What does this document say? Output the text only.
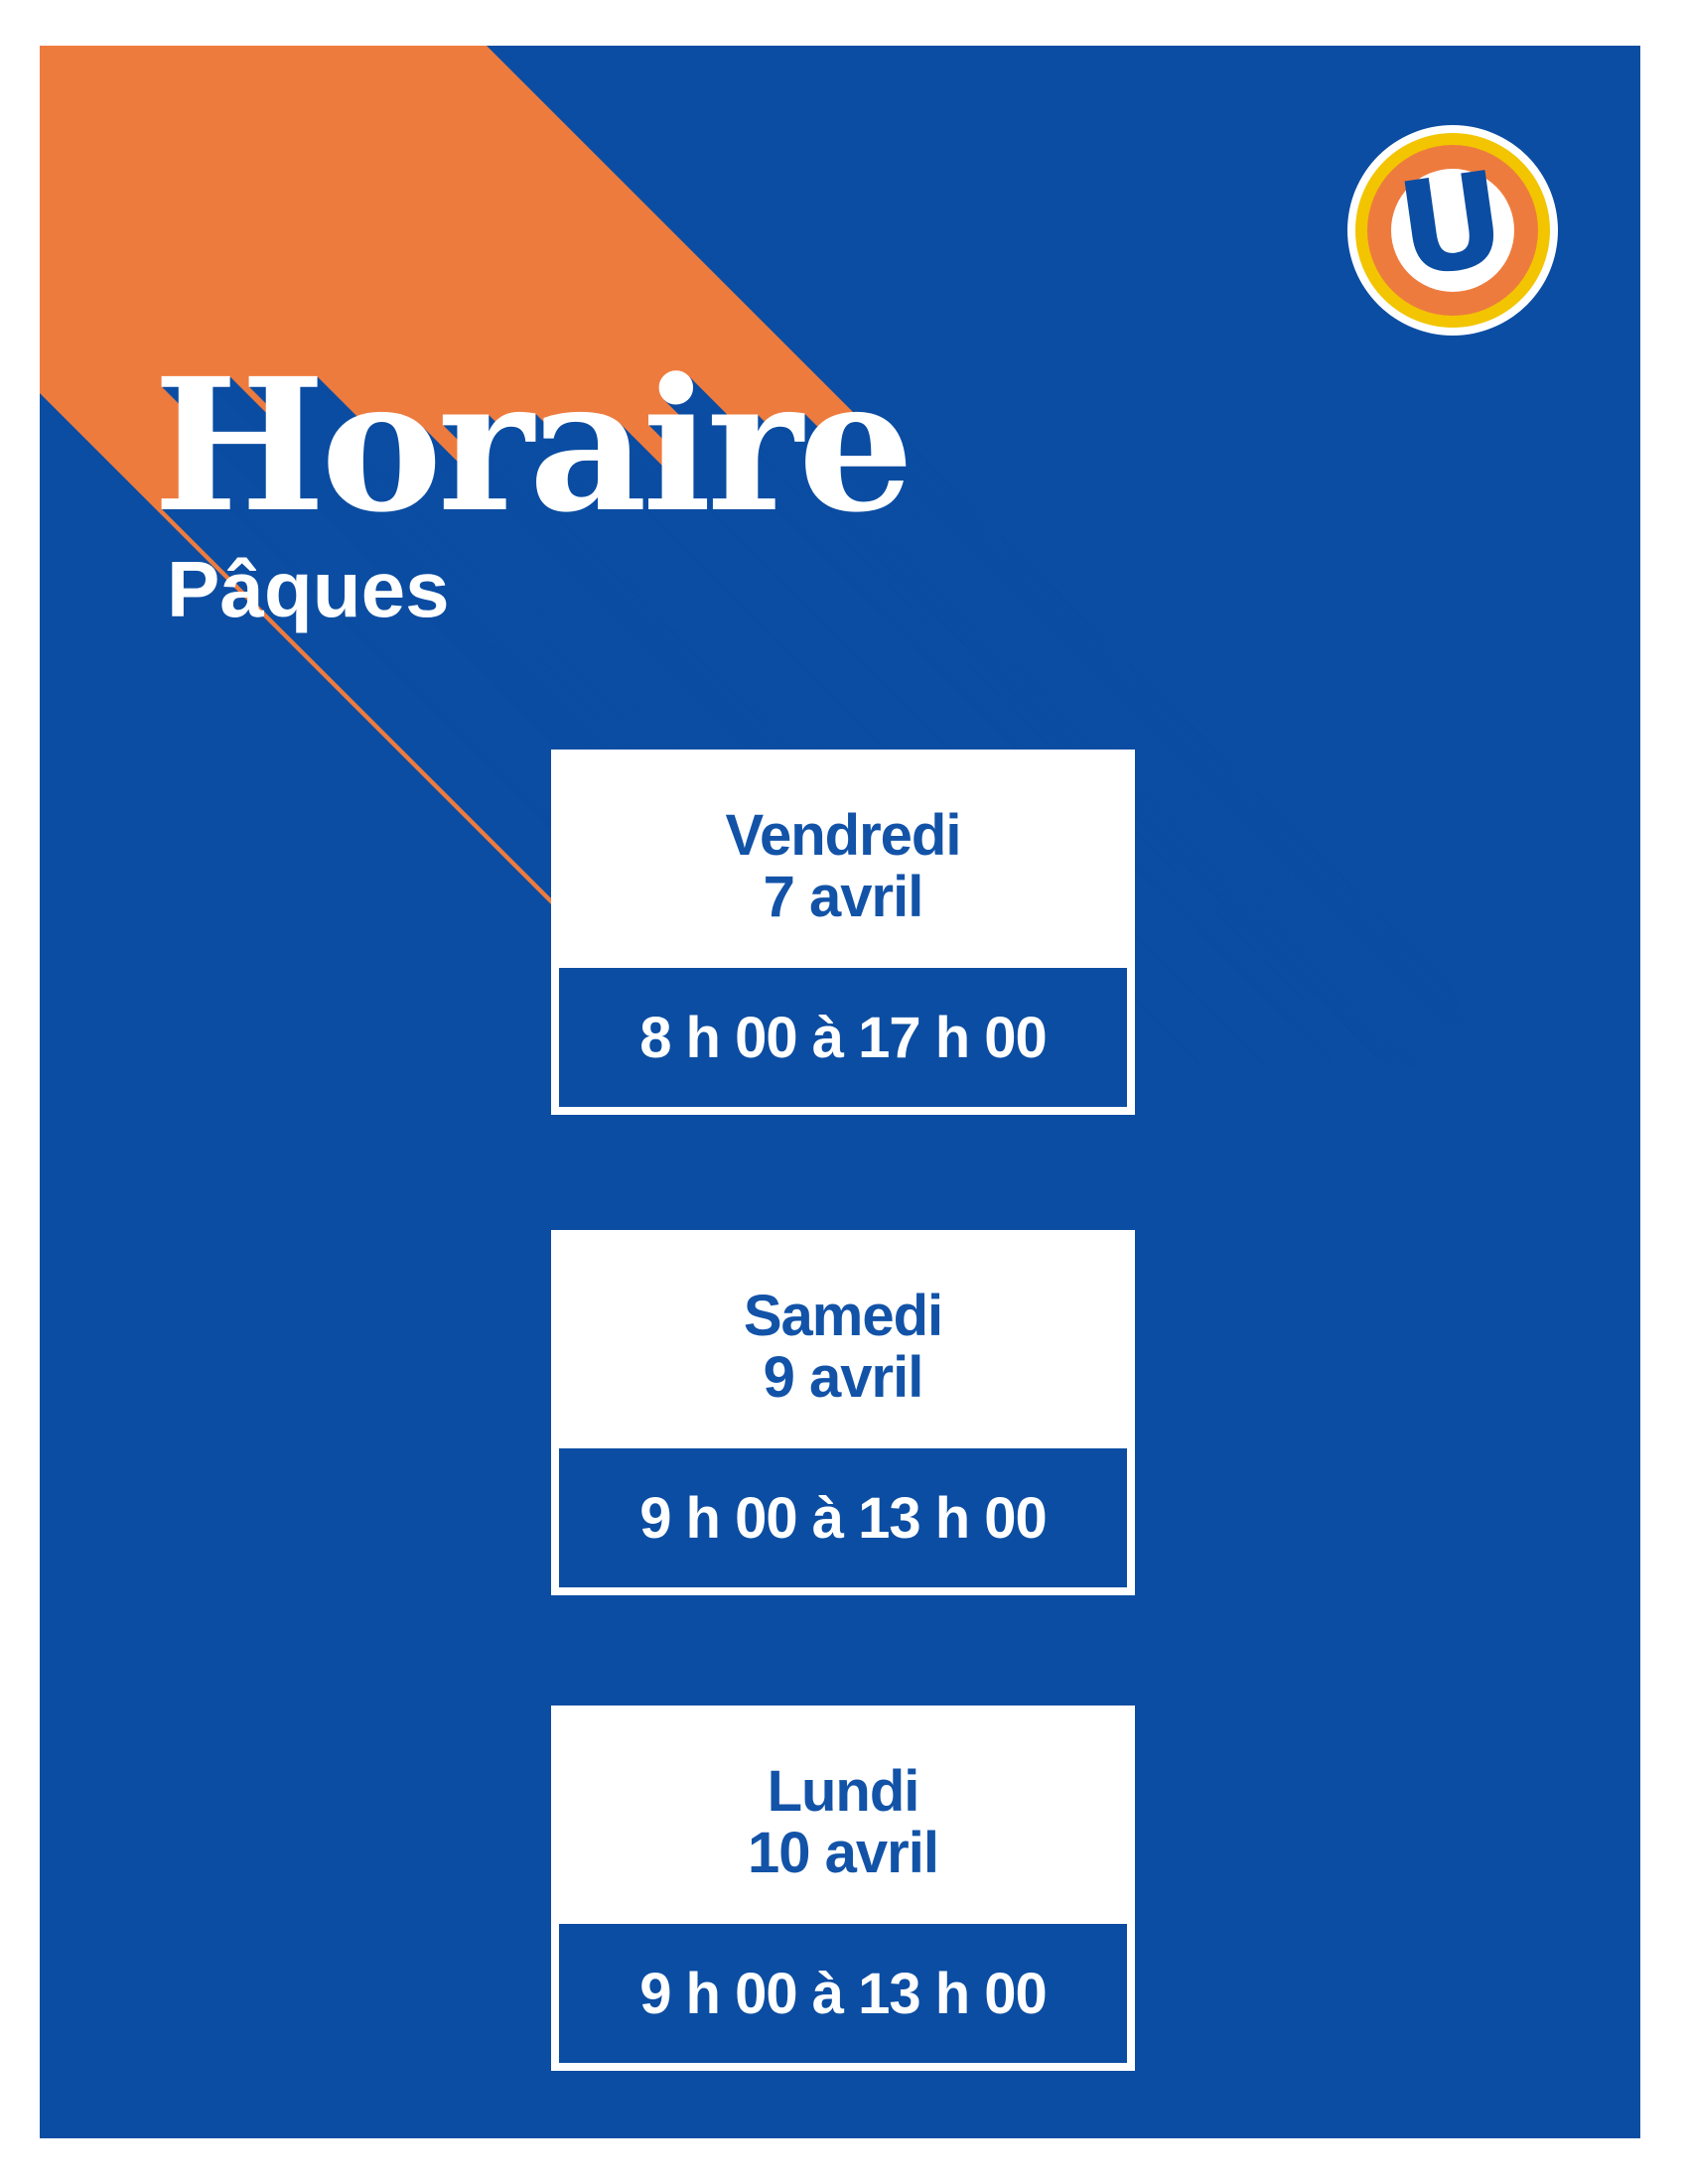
Horaire
Pâques
U
Vendredi
7 avril
8 h 00 à 17 h 00
Samedi
9 avril
9 h 00 à 13 h 00
Lundi
10 avril
9 h 00 à 13 h 00
